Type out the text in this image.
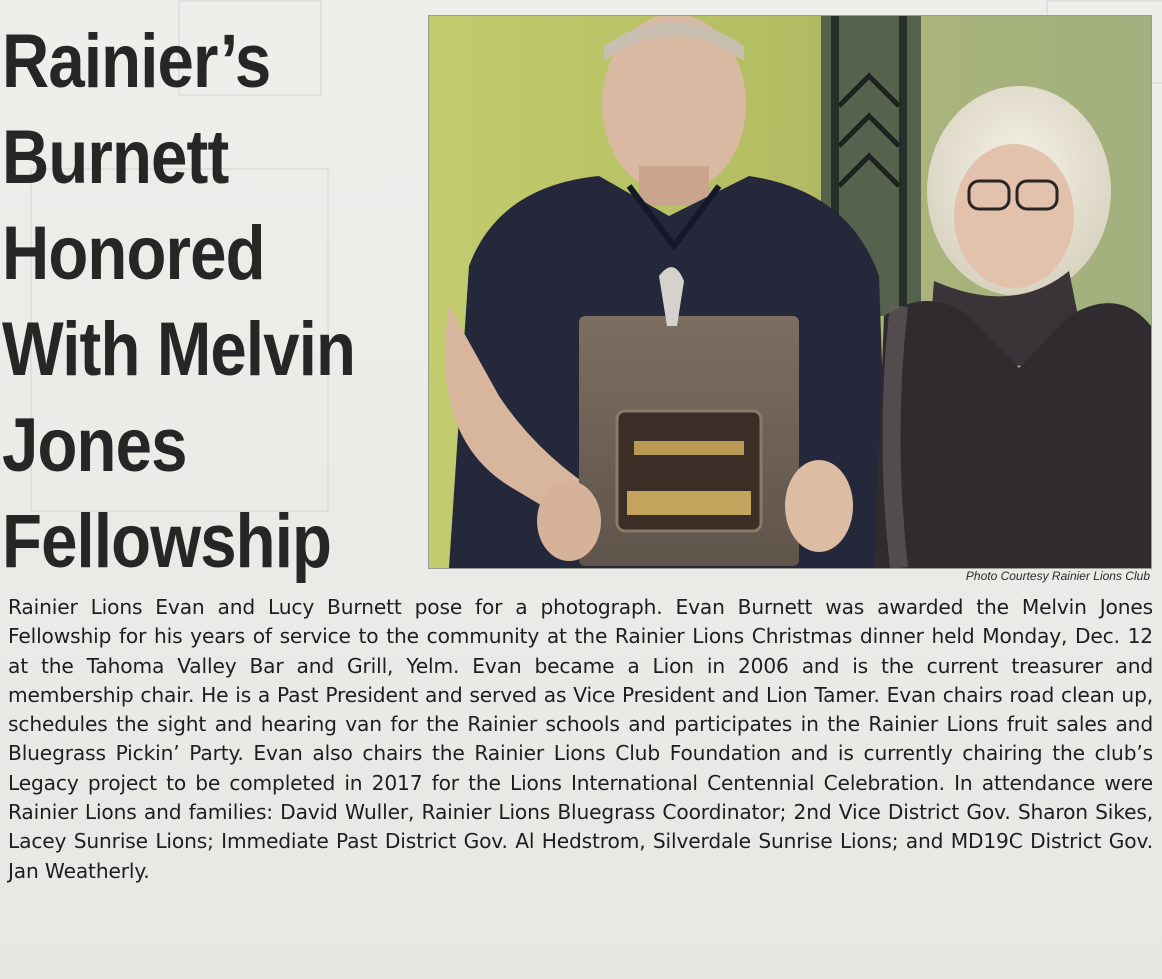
Rainier’s
Burnett
Honored
With Melvin
Jones
Fellowship	Photo Courtesy Rainier Lions Club

Rainier Lions Evan and Lucy Burnett pose for a photograph. Evan Burnett was awarded the Melvin Jones Fellowship for his years of service to the community at the Rainier Lions Christmas dinner held Monday, Dec. 12 at the Tahoma Valley Bar and Grill, Yelm. Evan became a Lion in 2006 and is the current treasurer and membership chair. He is a Past President and served as Vice President and Lion Tamer. Evan chairs road clean up, schedules the sight and hearing van for the Rainier schools and participates in the Rainier Lions fruit sales and Bluegrass Pickin’ Party. Evan also chairs the Rainier Lions Club Foundation and is currently chairing the club’s Legacy project to be completed in 2017 for the Lions International Centennial Celebration. In attendance were Rainier Lions and families: David Wuller, Rainier Lions Bluegrass Coordinator; 2nd Vice District Gov. Sharon Sikes, Lacey Sunrise Lions; Immediate Past District Gov. Al Hedstrom, Silverdale Sunrise Lions; and MD19C District Gov. Jan Weatherly.
